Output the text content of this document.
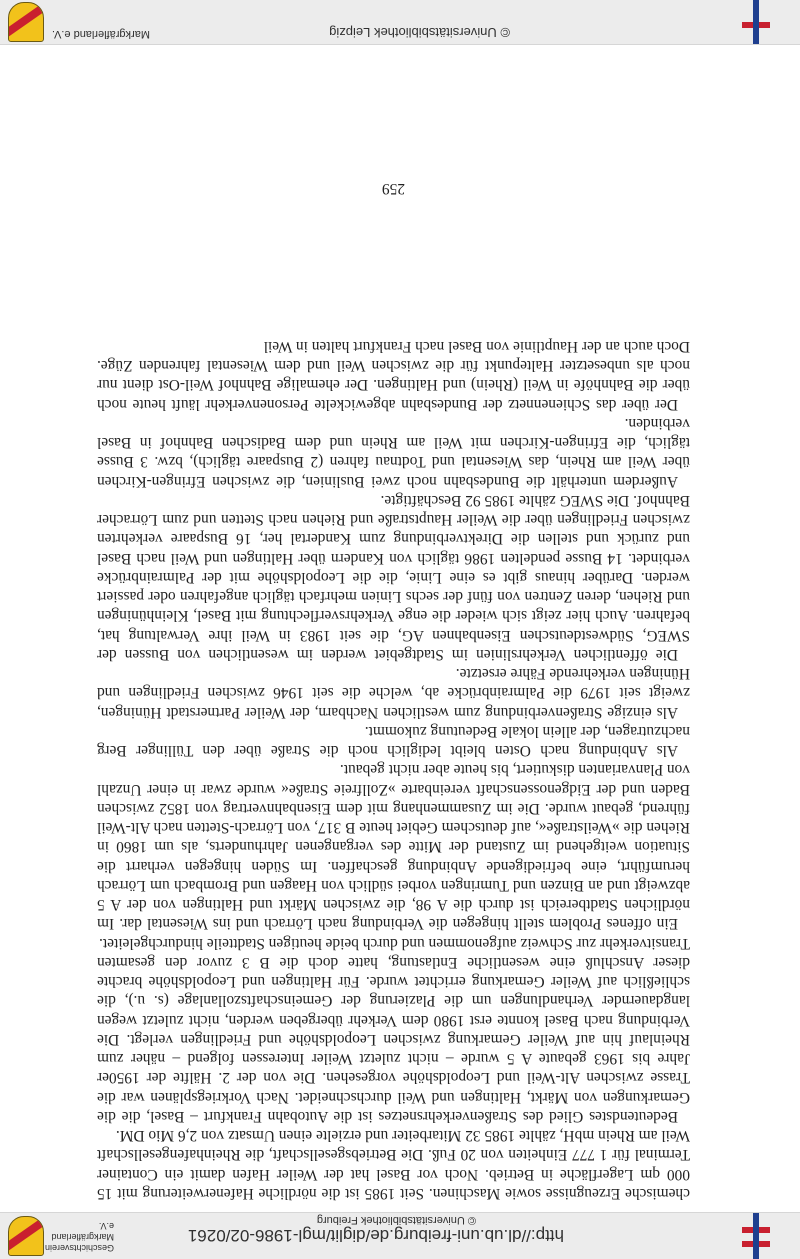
http://dl.ub.uni-freiburg.de/diglit/mgl-1986-02/0261
© Universitätsbibliothek Freiburg
Geschichtsverein Markgräflerland e.V.

chemische Erzeugnisse sowie Maschinen. Seit 1985 ist die nördliche Hafenerweiterung mit 15 000 qm Lagerfläche in Betrieb. Noch vor Basel hat der Weiler Hafen damit ein Container Terminal für 1 777 Einheiten von 20 Fuß. Die Betriebsgesellschaft, die Rheinhafengesellschaft Weil am Rhein mbH, zählte 1985 32 Mitarbeiter und erzielte einen Umsatz von 2,6 Mio DM.

Bedeutendstes Glied des Straßenverkehrsnetzes ist die Autobahn Frankfurt – Basel, die die Gemarkungen von Märkt, Haltingen und Weil durchschneidet. Nach Vorkriegsplänen war die Trasse zwischen Alt-Weil und Leopoldshöhe vorgesehen. Die von der 2. Hälfte der 1950er Jahre bis 1963 gebaute A 5 wurde – nicht zuletzt Weiler Interessen folgend – näher zum Rheinlauf hin auf Weiler Gemarkung zwischen Leopoldshöhe und Friedlingen verlegt. Die Verbindung nach Basel konnte erst 1980 dem Verkehr übergeben werden, nicht zuletzt wegen langdauernder Verhandlungen um die Plazierung der Gemeinschaftszollanlage (s. u.), die schließlich auf Weiler Gemarkung errichtet wurde. Für Haltingen und Leopoldshöhe brachte dieser Anschluß eine wesentliche Entlastung, hatte doch die B 3 zuvor den gesamten Transitverkehr zur Schweiz aufgenommen und durch beide heutigen Stadtteile hindurchgeleitet.

Ein offenes Problem stellt hingegen die Verbindung nach Lörrach und ins Wiesental dar. Im nördlichen Stadtbereich ist durch die A 98, die zwischen Märkt und Haltingen von der A 5 abzweigt und an Binzen und Tumringen vorbei südlich von Haagen und Brombach um Lörrach herumführt, eine befriedigende Anbindung geschaffen. Im Süden hingegen verharrt die Situation weitgehend im Zustand der Mitte des vergangenen Jahrhunderts, als um 1860 in Riehen die »Weilstraße«, auf deutschem Gebiet heute B 317, von Lörrach-Stetten nach Alt-Weil führend, gebaut wurde. Die im Zusammenhang mit dem Eisenbahnvertrag von 1852 zwischen Baden und der Eidgenossenschaft vereinbarte »Zollfreie Straße« wurde zwar in einer Unzahl von Planvarianten diskutiert, bis heute aber nicht gebaut.

Als Anbindung nach Osten bleibt lediglich noch die Straße über den Tüllinger Berg nachzutragen, der allein lokale Bedeutung zukommt.

Als einzige Straßenverbindung zum westlichen Nachbarn, der Weiler Partnerstadt Hüningen, zweigt seit 1979 die Palmrainbrücke ab, welche die seit 1946 zwischen Friedlingen und Hüningen verkehrende Fähre ersetzte.

Die öffentlichen Verkehrslinien im Stadtgebiet werden im wesentlichen von Bussen der SWEG, Südwestdeutschen Eisenbahnen AG, die seit 1983 in Weil ihre Verwaltung hat, befahren. Auch hier zeigt sich wieder die enge Verkehrsverflechtung mit Basel, Kleinhüningen und Riehen, deren Zentren von fünf der sechs Linien mehrfach täglich angefahren oder passiert werden. Darüber hinaus gibt es eine Linie, die die Leopoldshöhe mit der Palmrainbrücke verbindet. 14 Busse pendelten 1986 täglich von Kandern über Haltingen und Weil nach Basel und zurück und stellen die Direktverbindung zum Kandertal her, 16 Buspaare verkehrten zwischen Friedlingen über die Weiler Hauptstraße und Riehen nach Stetten und zum Lörracher Bahnhof. Die SWEG zählte 1985 92 Beschäftigte.

Außerdem unterhält die Bundesbahn noch zwei Buslinien, die zwischen Efringen-Kirchen über Weil am Rhein, das Wiesental und Todtnau fahren (2 Buspaare täglich), bzw. 3 Busse täglich, die Efringen-Kirchen mit Weil am Rhein und dem Badischen Bahnhof in Basel verbinden.

Der über das Schienennetz der Bundesbahn abgewickelte Personenverkehr läuft heute noch über die Bahnhöfe in Weil (Rhein) und Haltingen. Der ehemalige Bahnhof Weil-Ost dient nur noch als unbesetzter Haltepunkt für die zwischen Weil und dem Wiesental fahrenden Züge. Doch auch an der Hauptlinie von Basel nach Frankfurt halten in Weil

259
© Universitätsbibliothek Leipzig
Markgräflerland e.V.
